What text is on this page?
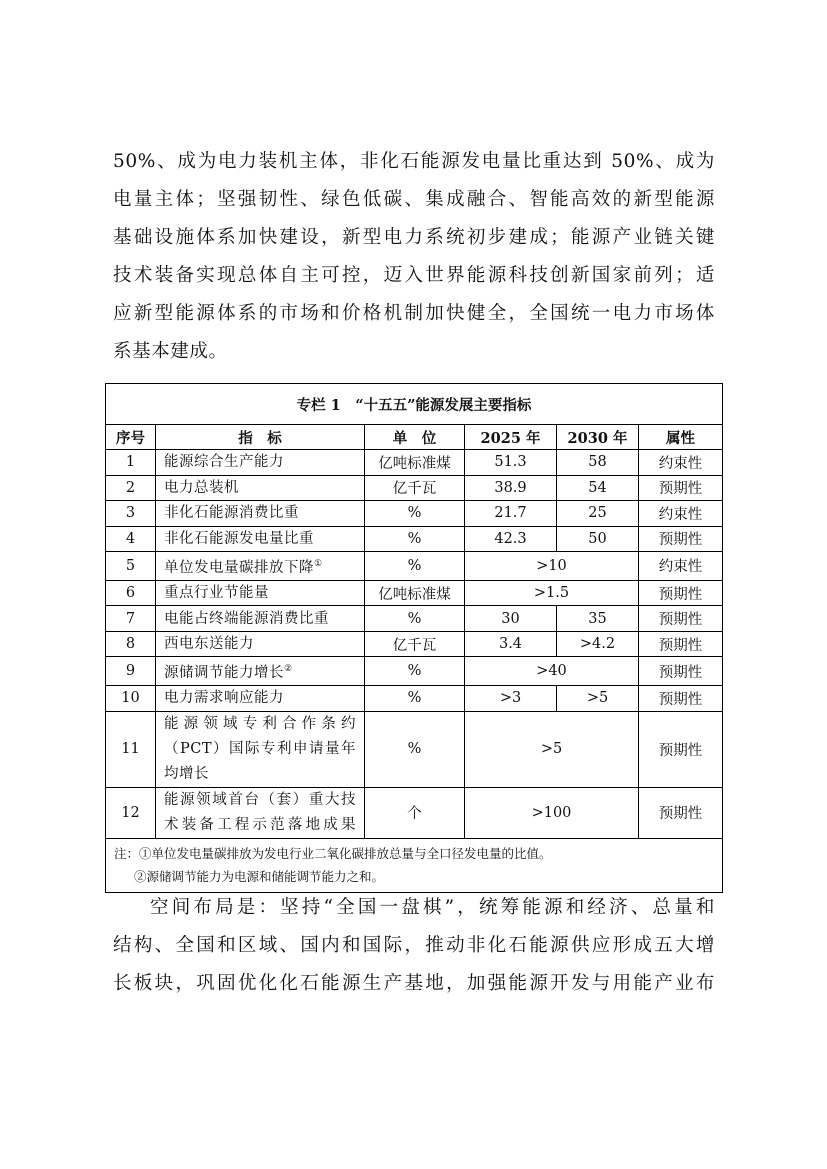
50%、成为电力装机主体，非化石能源发电量比重达到 50%、成为
电量主体；坚强韧性、绿色低碳、集成融合、智能高效的新型能源
基础设施体系加快建设，新型电力系统初步建成；能源产业链关键
技术装备实现总体自主可控，迈入世界能源科技创新国家前列；适
应新型能源体系的市场和价格机制加快健全，全国统一电力市场体
系基本建成。
专栏 1　“十五五”能源发展主要指标					
序号	指　标	单　位	2025 年	2030 年	属性
1	能源综合生产能力	亿吨标准煤	51.3	58	约束性
2	电力总装机	亿千瓦	38.9	54	预期性
3	非化石能源消费比重	%	21.7	25	约束性
4	非化石能源发电量比重	%	42.3	50	预期性
5	单位发电量碳排放下降①	%	>10		约束性
6	重点行业节能量	亿吨标准煤	>1.5		预期性
7	电能占终端能源消费比重	%	30	35	预期性
8	西电东送能力	亿千瓦	3.4	>4.2	预期性
9	源储调节能力增长②	%	>40		预期性
10	电力需求响应能力	%	>3	>5	预期性
11	能源领域专利合作条约
（PCT）国际专利申请量年
均增长	%	>5		预期性
12	能源领域首台（套）重大技
术装备工程示范落地成果	个	>100		预期性

注：①单位发电量碳排放为发电行业二氧化碳排放总量与全口径发电量的比值。
②源储调节能力为电源和储能调节能力之和。					
空间布局是：坚持“全国一盘棋”，统筹能源和经济、总量和
结构、全国和区域、国内和国际，推动非化石能源供应形成五大增
长板块，巩固优化化石能源生产基地，加强能源开发与用能产业布
